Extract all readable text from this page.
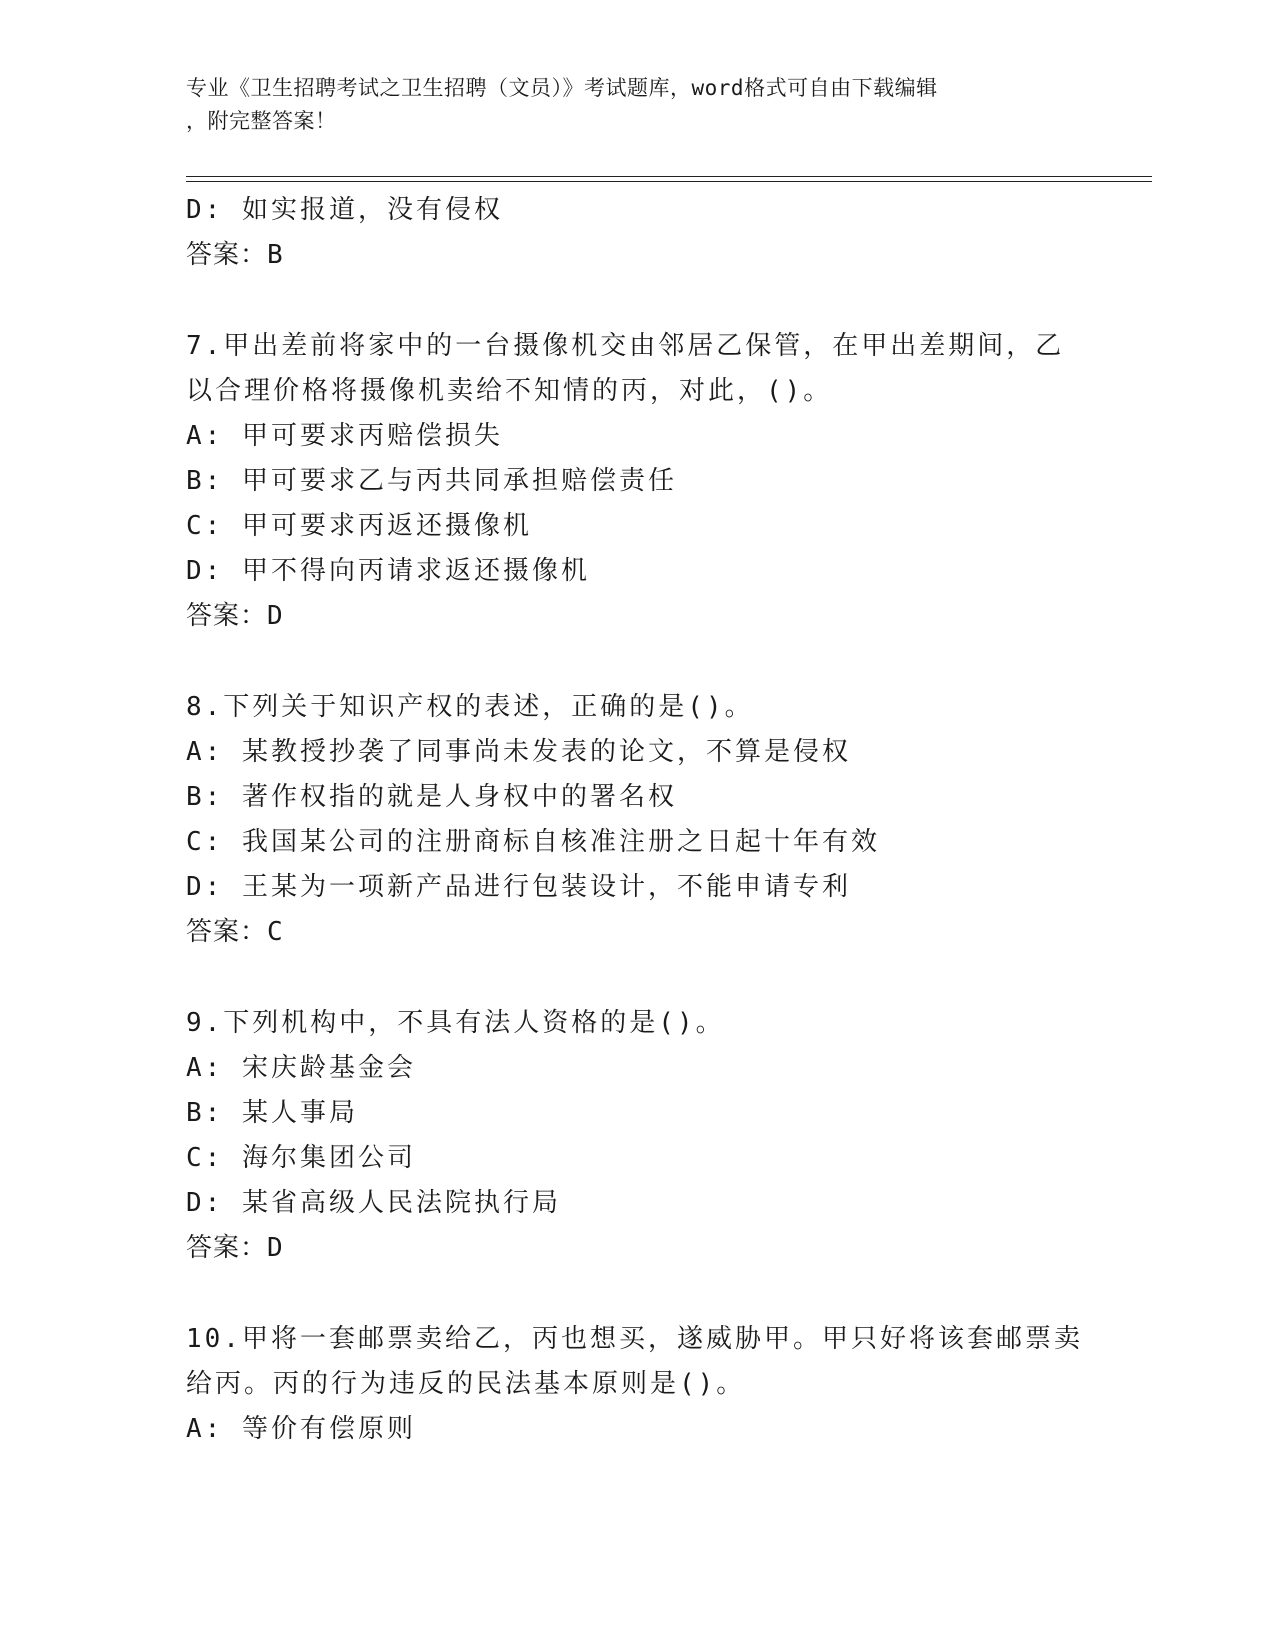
专业《卫生招聘考试之卫生招聘（文员）》考试题库，word格式可自由下载编辑
，附完整答案！
D: 如实报道，没有侵权
答案：B
7.甲出差前将家中的一台摄像机交由邻居乙保管，在甲出差期间，乙
以合理价格将摄像机卖给不知情的丙，对此，()。
A: 甲可要求丙赔偿损失
B: 甲可要求乙与丙共同承担赔偿责任
C: 甲可要求丙返还摄像机
D: 甲不得向丙请求返还摄像机
答案：D
8.下列关于知识产权的表述，正确的是()。
A: 某教授抄袭了同事尚未发表的论文，不算是侵权
B: 著作权指的就是人身权中的署名权
C: 我国某公司的注册商标自核准注册之日起十年有效
D: 王某为一项新产品进行包装设计，不能申请专利
答案：C
9.下列机构中，不具有法人资格的是()。
A: 宋庆龄基金会
B: 某人事局
C: 海尔集团公司
D: 某省高级人民法院执行局
答案：D
10.甲将一套邮票卖给乙，丙也想买，遂威胁甲。甲只好将该套邮票卖
给丙。丙的行为违反的民法基本原则是()。
A: 等价有偿原则
